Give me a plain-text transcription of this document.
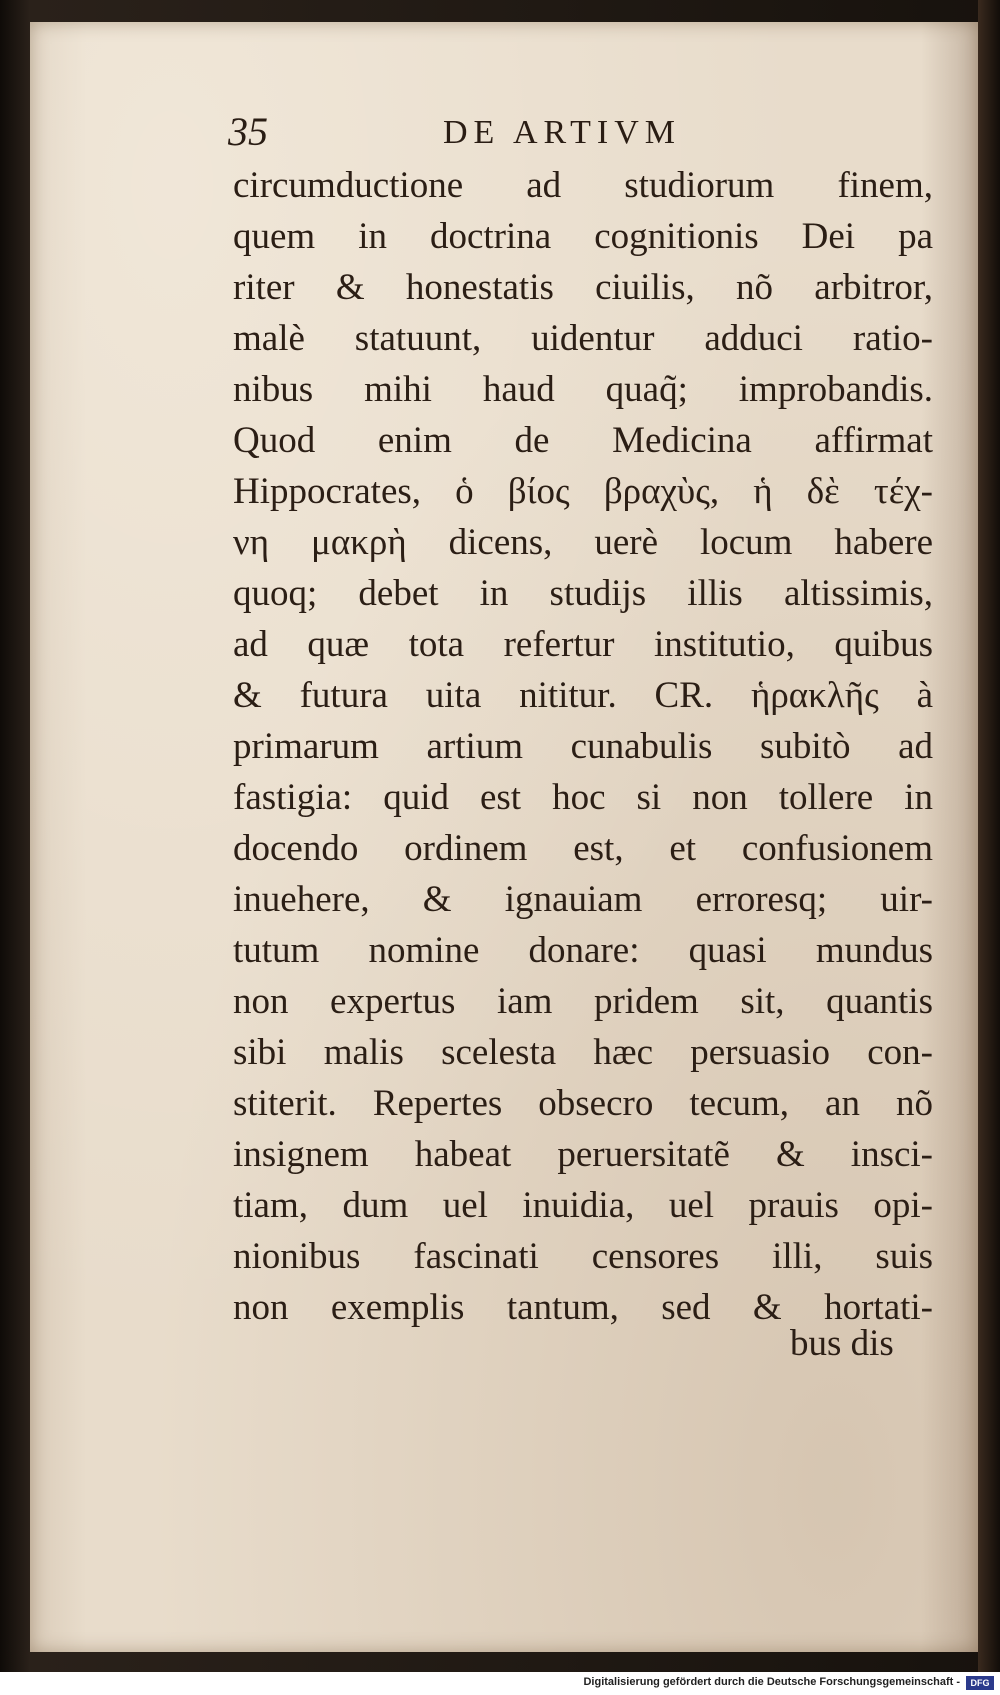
35	DE ARTIVM
circumductione ad studiorum finem,
quem in doctrina cognitionis Dei pa
riter & honestatis ciuilis, nõ arbitror,
malè statuunt, uidentur adduci ratio-
nibus mihi haud quaq̃; improbandis.
Quod enim de Medicina affirmat
Hippocrates, ὁ βίος βραχὺς, ἡ δὲ τέχ-
νη μακρὴ dicens, uerè locum habere
quoq; debet in studijs illis altissimis,
ad quæ tota refertur institutio, quibus
& futura uita nititur. CR. ἡρακλῆς à
primarum artium cunabulis subitò ad
fastigia: quid est hoc si non tollere in
docendo ordinem est, et confusionem
inuehere, & ignauiam erroresq; uir-
tutum nomine donare: quasi mundus
non expertus iam pridem sit, quantis
sibi malis scelesta hæc persuasio con-
stiterit. Repertes obsecro tecum, an nõ
insignem habeat peruersitatẽ & insci-
tiam, dum uel inuidia, uel prauis opi-
nionibus fascinati censores illi, suis
non exemplis tantum, sed & hortati-
bus dis
Digitalisierung gefördert durch die Deutsche Forschungsgemeinschaft -	DFG
